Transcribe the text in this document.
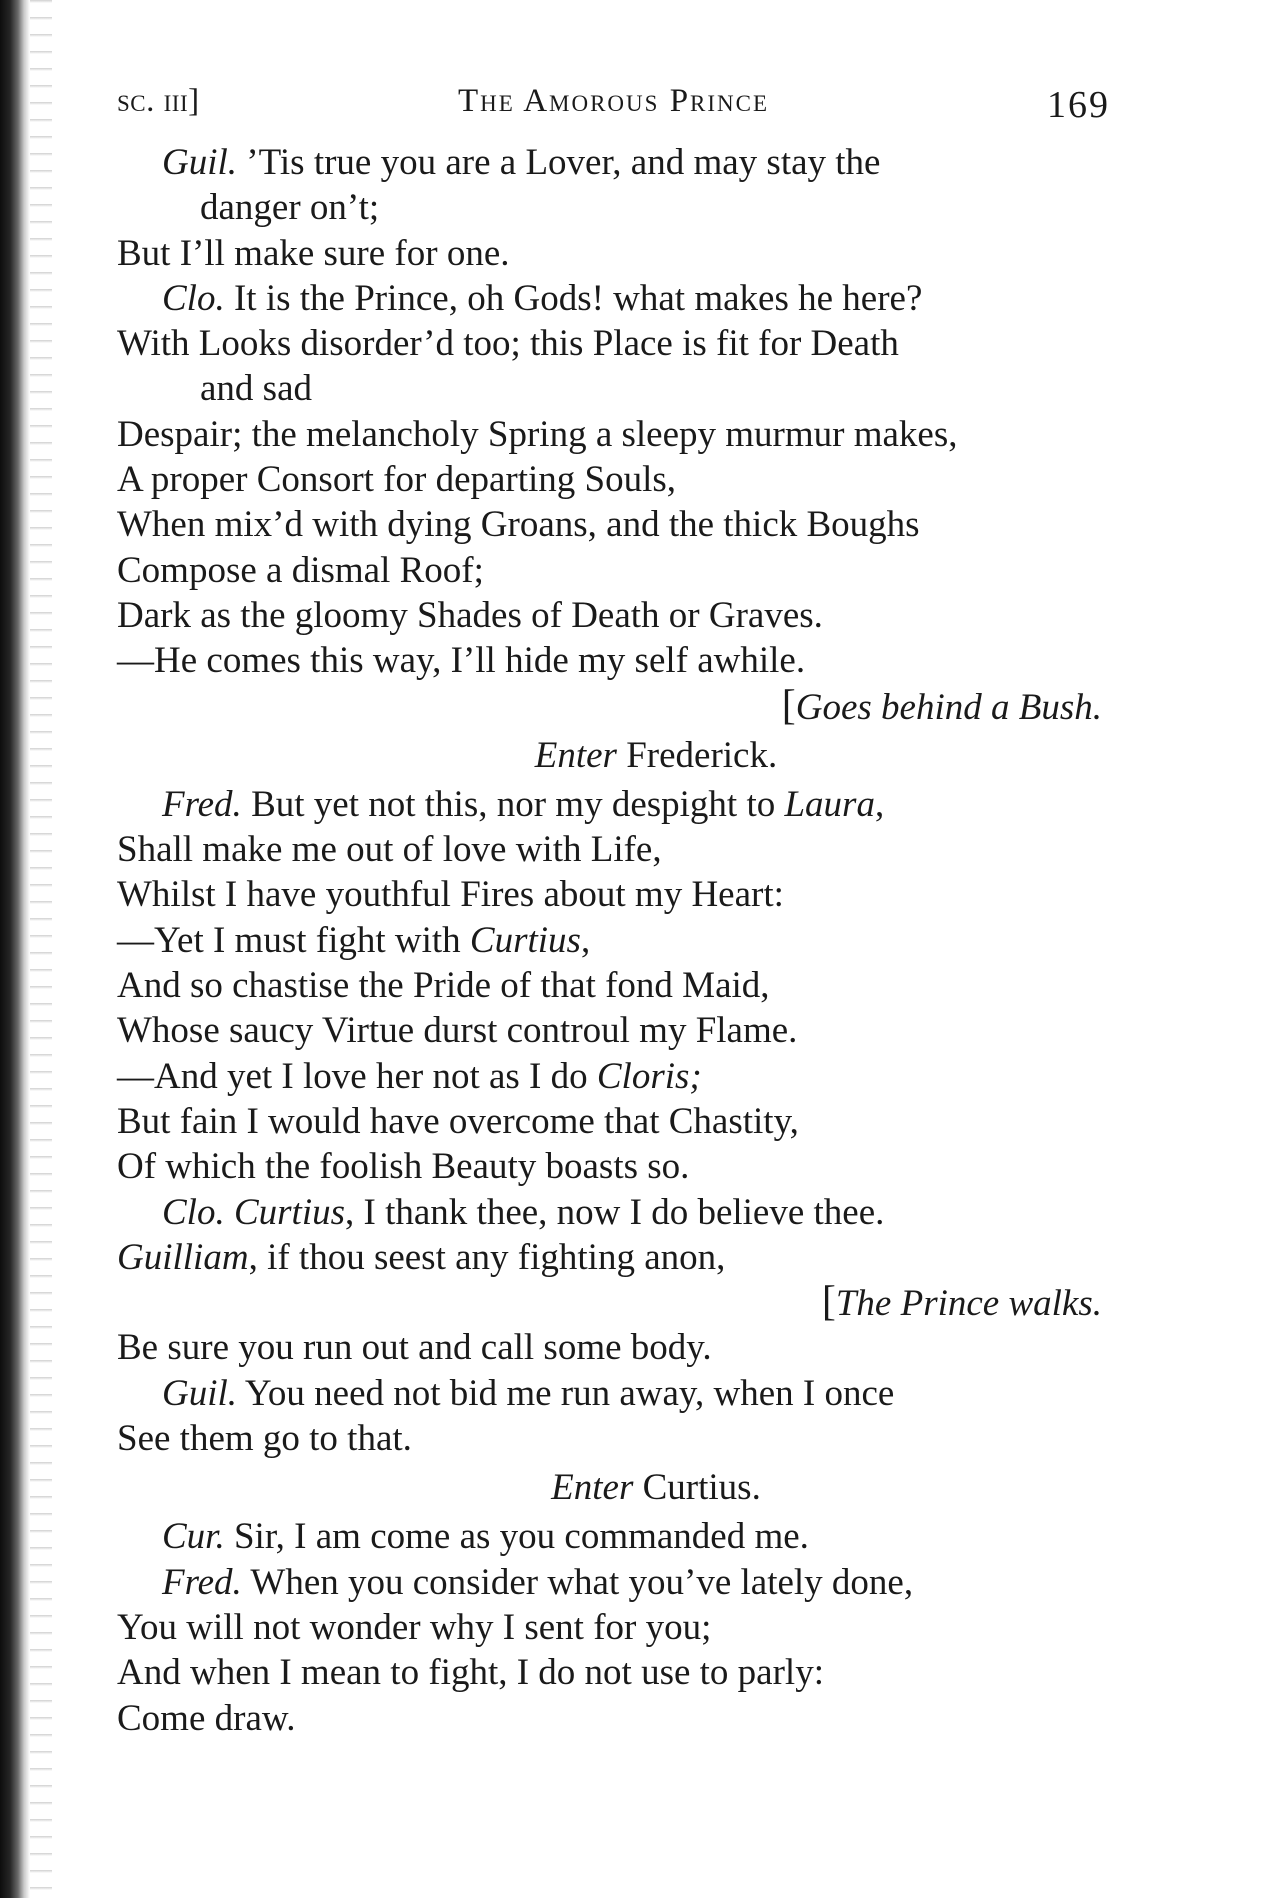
sc. iii]	The Amorous Prince	169
Guil. ’Tis true you are a Lover, and may stay the
danger on’t;
But I’ll make sure for one.
Clo. It is the Prince, oh Gods! what makes he here?
With Looks disorder’d too; this Place is fit for Death
and sad
Despair; the melancholy Spring a sleepy murmur makes,
A proper Consort for departing Souls,
When mix’d with dying Groans, and the thick Boughs
Compose a dismal Roof;
Dark as the gloomy Shades of Death or Graves.
—He comes this way, I’ll hide my self awhile.
[Goes behind a Bush.
Enter Frederick.
Fred. But yet not this, nor my despight to Laura,
Shall make me out of love with Life,
Whilst I have youthful Fires about my Heart:
—Yet I must fight with Curtius,
And so chastise the Pride of that fond Maid,
Whose saucy Virtue durst controul my Flame.
—And yet I love her not as I do Cloris;
But fain I would have overcome that Chastity,
Of which the foolish Beauty boasts so.
Clo. Curtius, I thank thee, now I do believe thee.
Guilliam, if thou seest any fighting anon,
[The Prince walks.
Be sure you run out and call some body.
Guil. You need not bid me run away, when I once
See them go to that.
Enter Curtius.
Cur. Sir, I am come as you commanded me.
Fred. When you consider what you’ve lately done,
You will not wonder why I sent for you;
And when I mean to fight, I do not use to parly:
Come draw.
